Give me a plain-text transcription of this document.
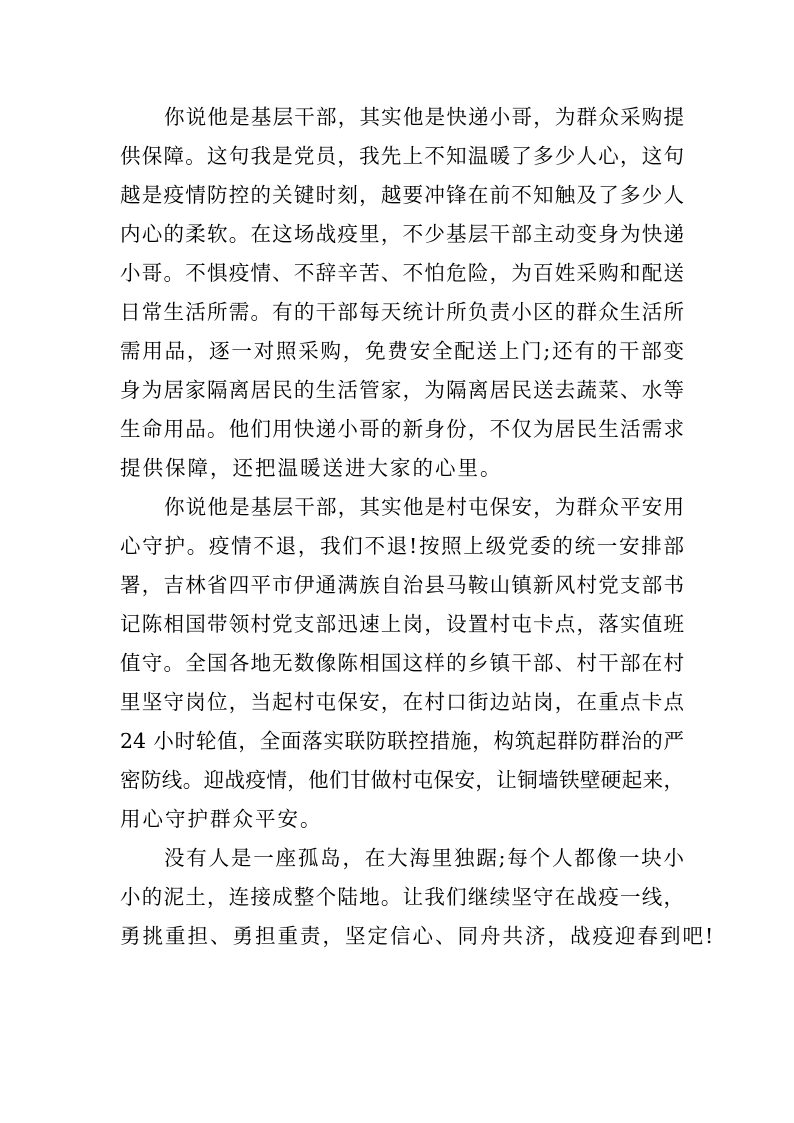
你说他是基层干部，其实他是快递小哥，为群众采购提
供保障。这句我是党员，我先上不知温暖了多少人心，这句
越是疫情防控的关键时刻，越要冲锋在前不知触及了多少人
内心的柔软。在这场战疫里，不少基层干部主动变身为快递
小哥。不惧疫情、不辞辛苦、不怕危险，为百姓采购和配送
日常生活所需。有的干部每天统计所负责小区的群众生活所
需用品，逐一对照采购，免费安全配送上门;还有的干部变
身为居家隔离居民的生活管家，为隔离居民送去蔬菜、水等
生命用品。他们用快递小哥的新身份，不仅为居民生活需求
提供保障，还把温暖送进大家的心里。
你说他是基层干部，其实他是村屯保安，为群众平安用
心守护。疫情不退，我们不退!按照上级党委的统一安排部
署，吉林省四平市伊通满族自治县马鞍山镇新风村党支部书
记陈相国带领村党支部迅速上岗，设置村屯卡点，落实值班
值守。全国各地无数像陈相国这样的乡镇干部、村干部在村
里坚守岗位，当起村屯保安，在村口街边站岗，在重点卡点
24 小时轮值，全面落实联防联控措施，构筑起群防群治的严
密防线。迎战疫情，他们甘做村屯保安，让铜墙铁壁硬起来，
用心守护群众平安。
没有人是一座孤岛，在大海里独踞;每个人都像一块小
小的泥土，连接成整个陆地。让我们继续坚守在战疫一线，
勇挑重担、勇担重责，坚定信心、同舟共济，战疫迎春到吧!
